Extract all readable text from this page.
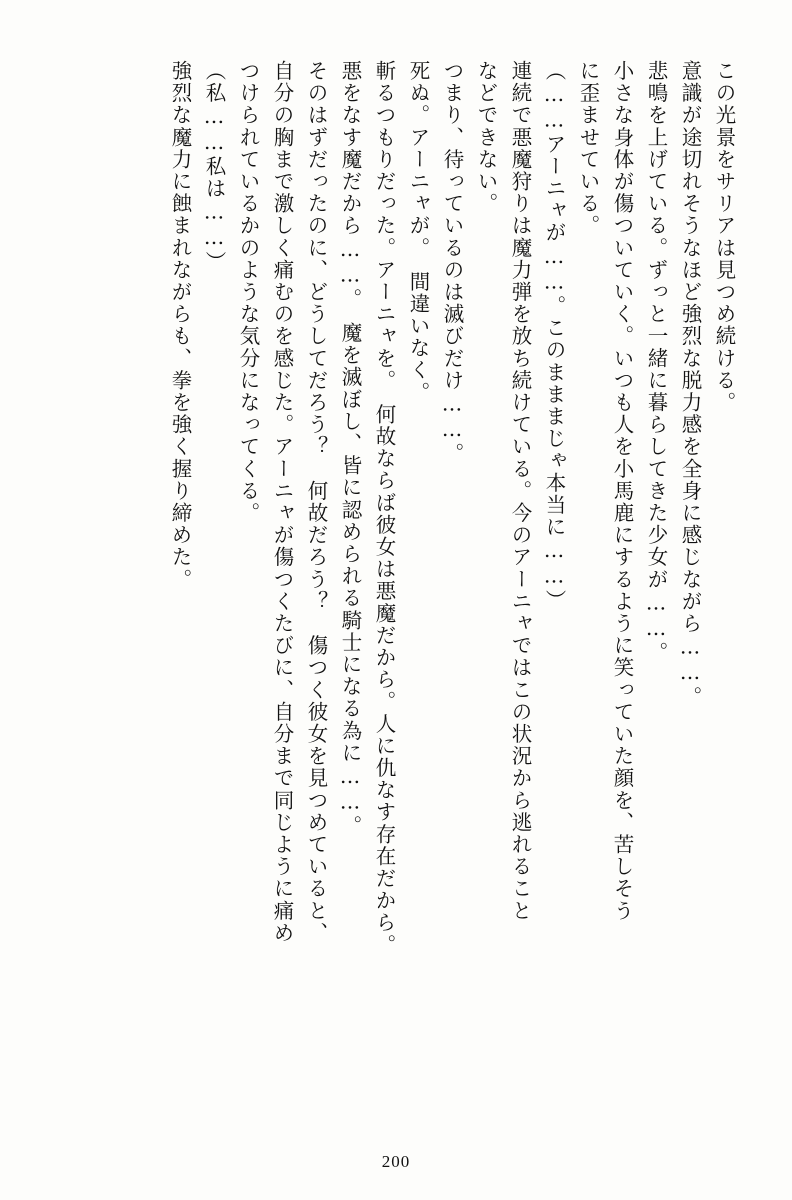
この光景をサリアは見つめ続ける。
意識が途切れそうなほど強烈な脱力感を全身に感じながら……。
悲鳴を上げている。ずっと一緒に暮らしてきた少女が……。
小さな身体が傷ついていく。いつも人を小馬鹿にするように笑っていた顔を、苦しそう
に歪ませている。
（……アーニャが……。このまままじゃ本当に……）
連続で悪魔狩りは魔力弾を放ち続けている。今のアーニャではこの状況から逃れること
などできない。
つまり、待っているのは滅びだけ……。
死ぬ。アーニャが。　間違いなく。
斬るつもりだった。アーニャを。　何故ならば彼女は悪魔だから。人に仇なす存在だから。
悪をなす魔だから……。　魔を滅ぼし、皆に認められる騎士になる為に……。
そのはずだったのに、どうしてだろう？　何故だろう？　傷つく彼女を見つめていると、
自分の胸まで激しく痛むのを感じた。アーニャが傷つくたびに、自分まで同じように痛め
つけられているかのような気分になってくる。
（私……私は……）
強烈な魔力に蝕まれながらも、拳を強く握り締めた。
200
